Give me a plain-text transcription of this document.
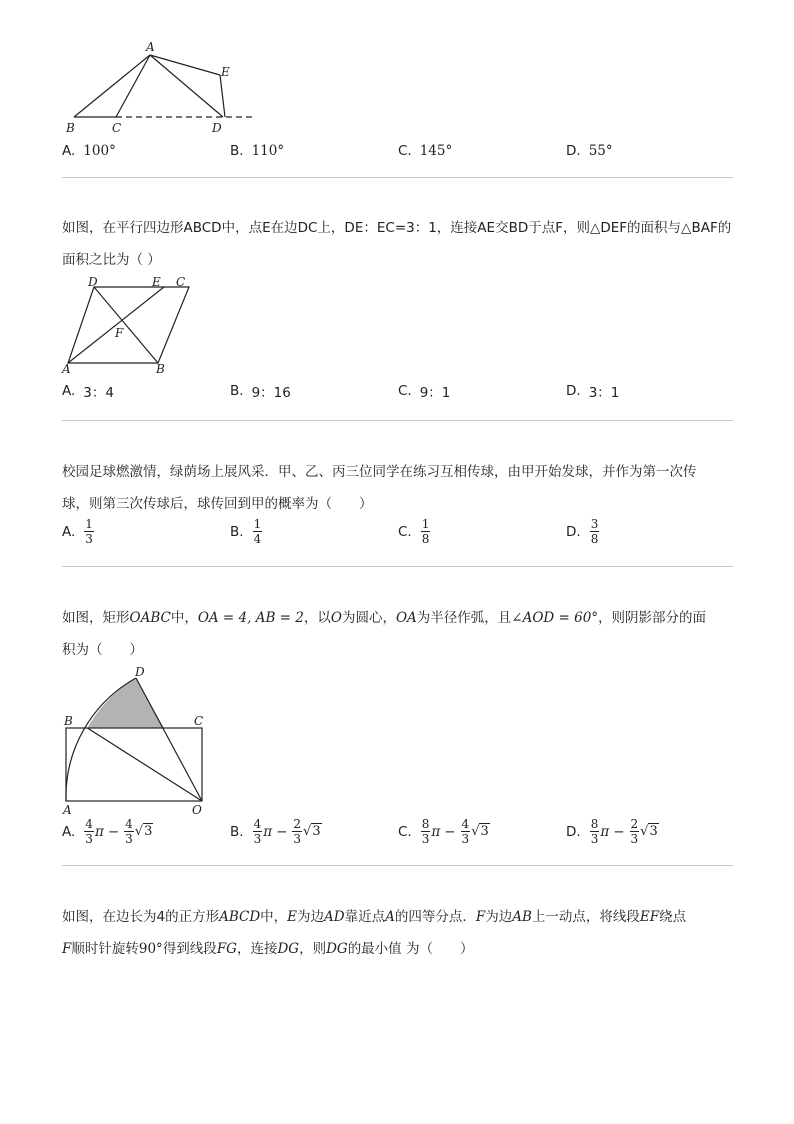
A
E
B	C	D
A. 100°	B. 110°	C. 145°	D. 55°
如图，在平行四边形ABCD中，点E在边DC上，DE：EC=3：1，连接AE交BD于点F，则△DEF的面积与△BAF的
面积之比为（ ）
D	E C
F
A	B
A. 3：4	B. 9：16	C. 9：1	D. 3：1
校园足球燃激情，绿荫场上展风采．甲、乙、丙三位同学在练习互相传球，由甲开始发球，并作为第一次传
球，则第三次传球后，球传回到甲的概率为（　　）
A. $\frac{1}{3}$	B. $\frac{1}{4}$	C. $\frac{1}{8}$	D. $\frac{3}{8}$
如图，矩形OABC中，OA = 4, AB = 2，以O为圆心，OA为半径作弧，且∠AOD = 60°，则阴影部分的面
积为（　　）
D
B	C
A	O
A. $\frac{4}{3}$ $\pi - \frac{4}{3} √3$	B. $\frac{4}{3}$ $\pi - \frac{2}{3} √3$	C. $\frac{8}{3}$ $\pi - \frac{4}{3} √3$	D. $\frac{8}{3}$ $\pi - \frac{2}{3} √3$
如图，在边长为4的正方形ABCD中，E为边AD靠近点A的四等分点．F为边AB上一动点，将线段EF绕点
F顺时针旋转90°得到线段FG，连接DG，则DG的最小值 为（　　）
